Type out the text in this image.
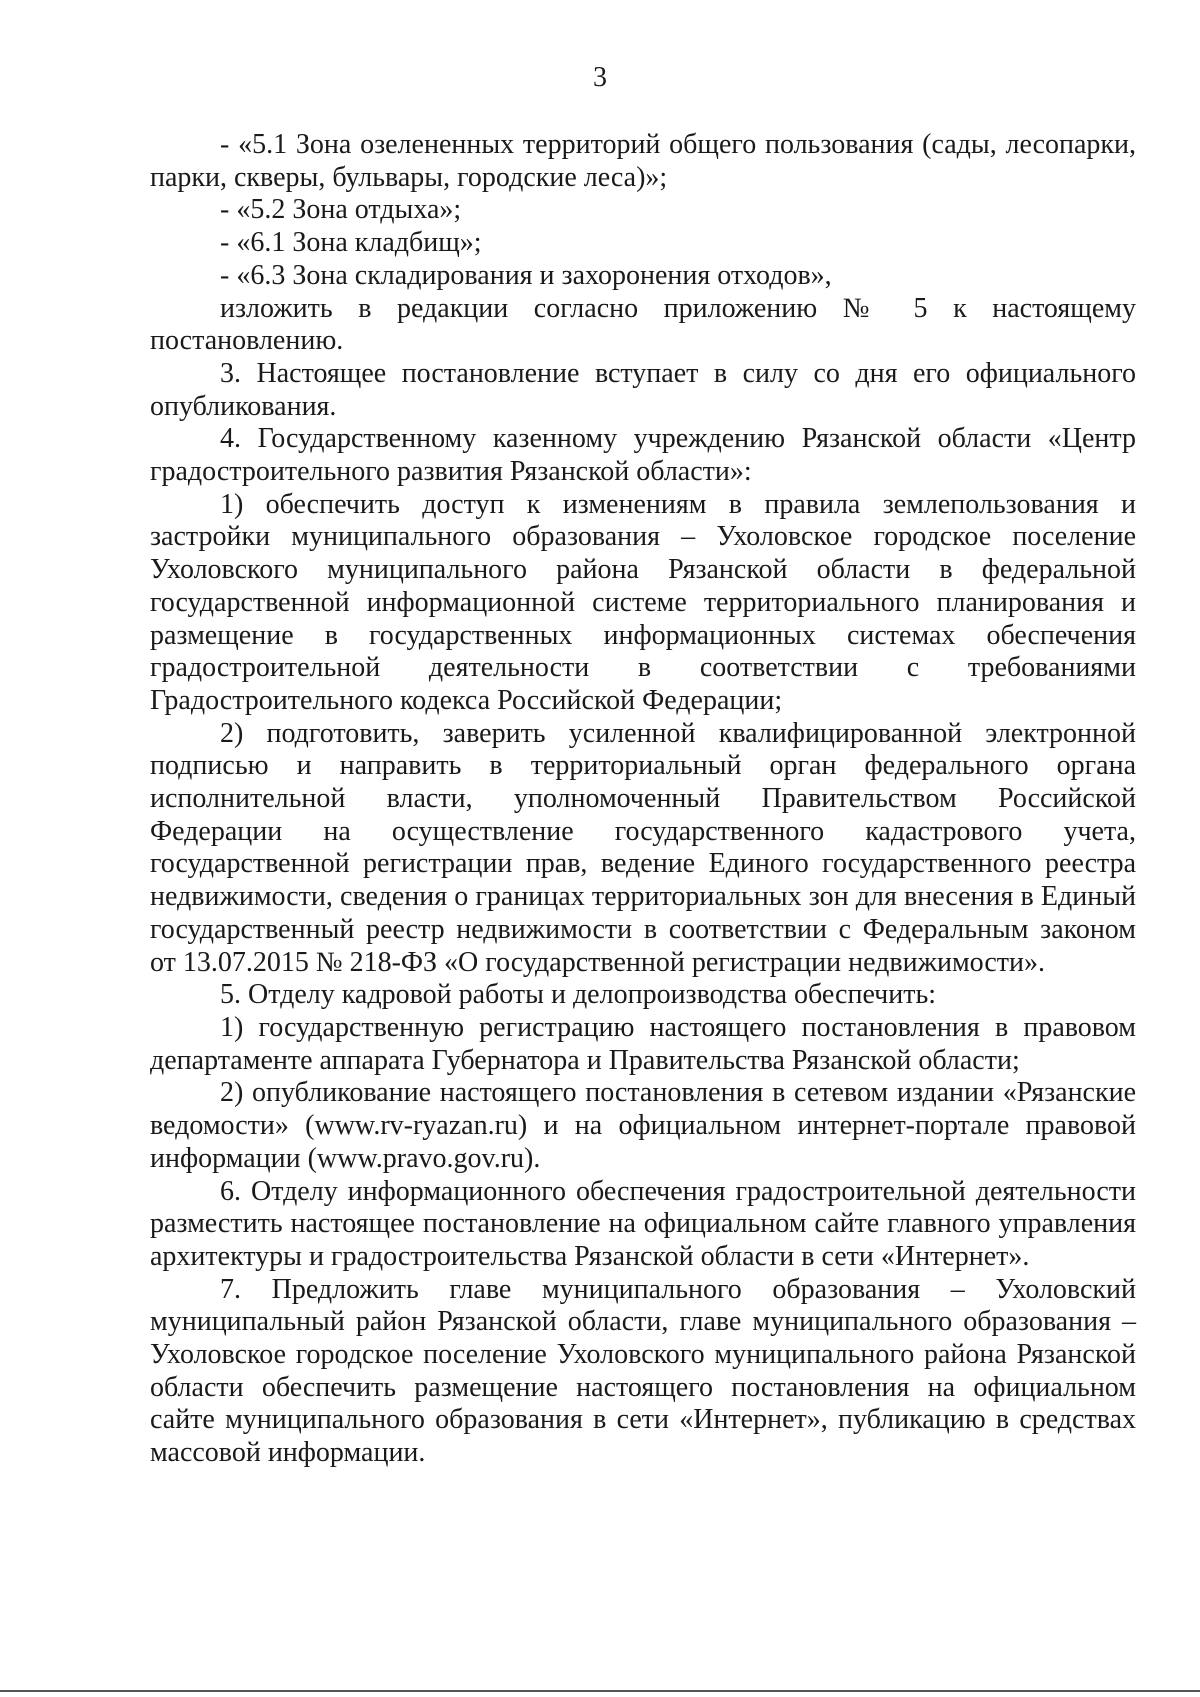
3

- «5.1 Зона озелененных территорий общего пользования (сады, лесопарки, парки, скверы, бульвары, городские леса)»;

- «5.2 Зона отдыха»;

- «6.1 Зона кладбищ»;

- «6.3 Зона складирования и захоронения отходов»,

изложить в редакции согласно приложению № 5 к настоящему постановлению.

3. Настоящее постановление вступает в силу со дня его официального опубликования.

4. Государственному казенному учреждению Рязанской области «Центр градостроительного развития Рязанской области»:

1) обеспечить доступ к изменениям в правила землепользования и застройки муниципального образования – Ухоловское городское поселение Ухоловского муниципального района Рязанской области в федеральной государственной информационной системе территориального планирования и размещение в государственных информационных системах обеспечения градостроительной деятельности в соответствии с требованиями Градостроительного кодекса Российской Федерации;

2) подготовить, заверить усиленной квалифицированной электронной подписью и направить в территориальный орган федерального органа исполнительной власти, уполномоченный Правительством Российской Федерации на осуществление государственного кадастрового учета, государственной регистрации прав, ведение Единого государственного реестра недвижимости, сведения о границах территориальных зон для внесения в Единый государственный реестр недвижимости в соответствии с Федеральным законом от 13.07.2015 № 218-ФЗ «О государственной регистрации недвижимости».

5. Отделу кадровой работы и делопроизводства обеспечить:

1) государственную регистрацию настоящего постановления в правовом департаменте аппарата Губернатора и Правительства Рязанской области;

2) опубликование настоящего постановления в сетевом издании «Рязанские ведомости» (www.rv-ryazan.ru) и на официальном интернет-портале правовой информации (www.pravo.gov.ru).

6. Отделу информационного обеспечения градостроительной деятельности разместить настоящее постановление на официальном сайте главного управления архитектуры и градостроительства Рязанской области в сети «Интернет».

7. Предложить главе муниципального образования – Ухоловский муниципальный район Рязанской области, главе муниципального образования – Ухоловское городское поселение Ухоловского муниципального района Рязанской области обеспечить размещение настоящего постановления на официальном сайте муниципального образования в сети «Интернет», публикацию в средствах массовой информации.
